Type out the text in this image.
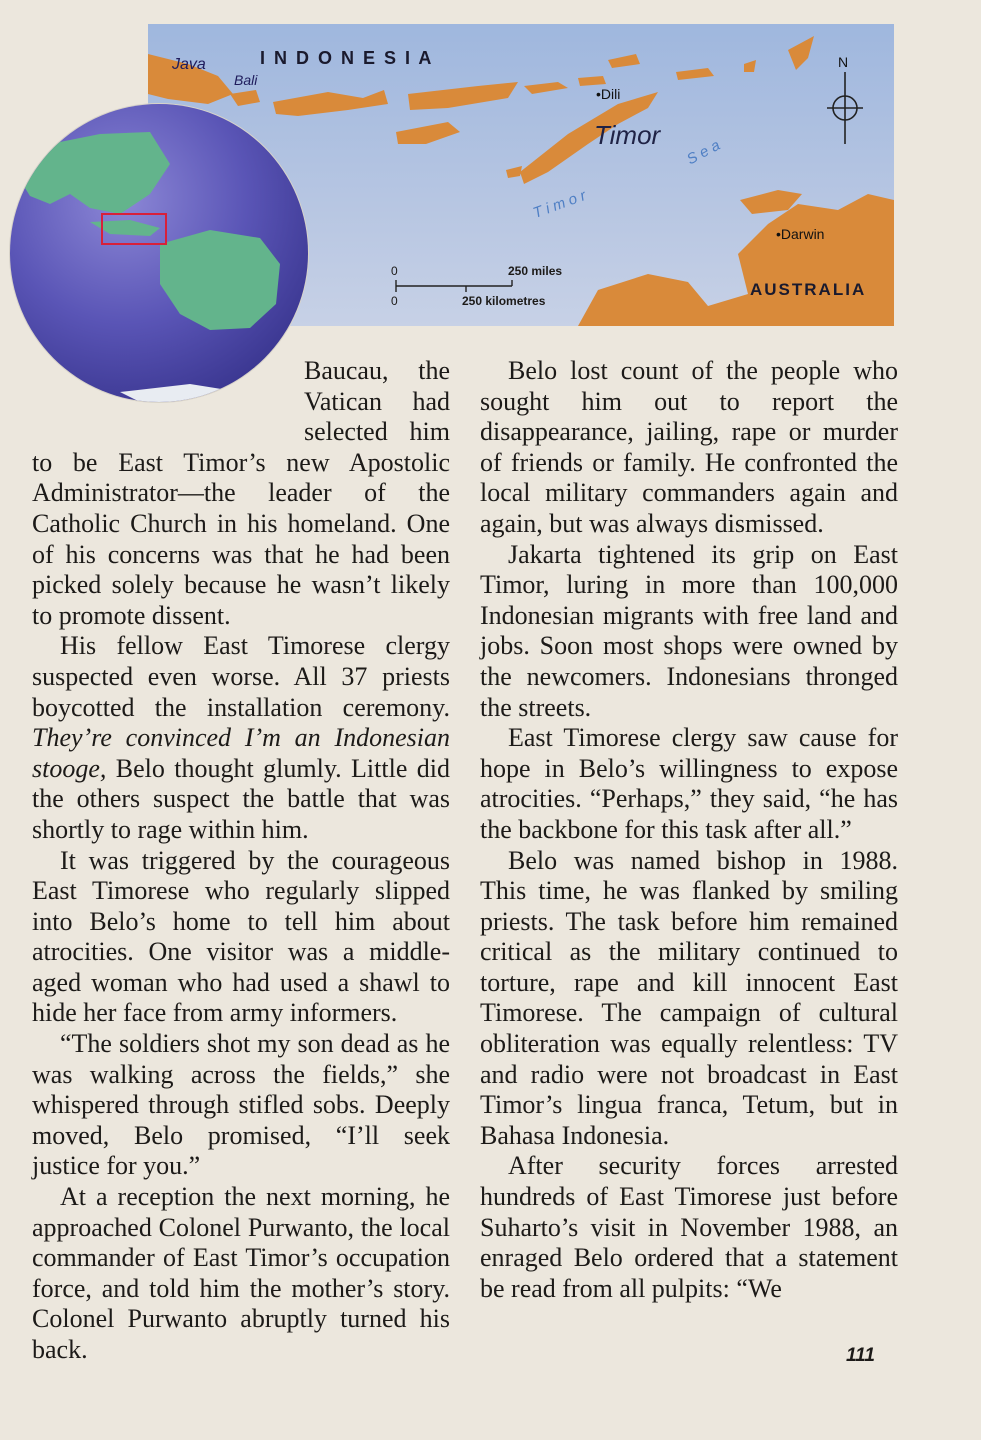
Java
Bali
I N D O N E S I A
•Dili
Timor
S e a
T i m o r
•Darwin
AUSTRALIA
N
0	250 miles
0	250 kilometres

Baucau, the Vatican had selected him to be East Timor’s new Apostolic Administrator—the leader of the Catholic Church in his homeland. One of his concerns was that he had been picked solely because he wasn’t likely to promote dissent.

His fellow East Timorese clergy suspected even worse. All 37 priests boycotted the installation ceremony. They’re convinced I’m an Indonesian stooge, Belo thought glumly. Little did the others suspect the battle that was shortly to rage within him.

It was triggered by the courageous East Timorese who regularly slipped into Belo’s home to tell him about atrocities. One visitor was a middle-aged woman who had used a shawl to hide her face from army informers.

“The soldiers shot my son dead as he was walking across the fields,” she whispered through stifled sobs. Deeply moved, Belo promised, “I’ll seek justice for you.”

At a reception the next morning, he approached Colonel Purwanto, the local commander of East Timor’s occupation force, and told him the mother’s story. Colonel Purwanto abruptly turned his back.

Belo lost count of the people who sought him out to report the disappearance, jailing, rape or murder of friends or family. He confronted the local military commanders again and again, but was always dismissed.

Jakarta tightened its grip on East Timor, luring in more than 100,000 Indonesian migrants with free land and jobs. Soon most shops were owned by the newcomers. Indonesians thronged the streets.

East Timorese clergy saw cause for hope in Belo’s willingness to expose atrocities. “Perhaps,” they said, “he has the backbone for this task after all.”

Belo was named bishop in 1988. This time, he was flanked by smiling priests. The task before him remained critical as the military continued to torture, rape and kill innocent East Timorese. The campaign of cultural obliteration was equally relentless: TV and radio were not broadcast in East Timor’s lingua franca, Tetum, but in Bahasa Indonesia.

After security forces arrested hundreds of East Timorese just before Suharto’s visit in November 1988, an enraged Belo ordered that a statement be read from all pulpits: “We

111
